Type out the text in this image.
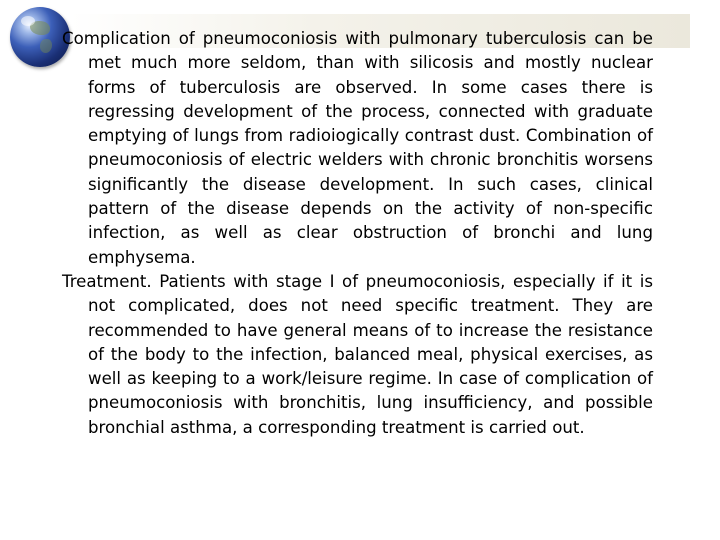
Complication of pneumoconiosis with pulmonary tuberculosis can be met much more seldom, than with silicosis and mostly nuclear forms of tuberculosis are observed. In some cases there is regressing development of the process, connected with graduate emptying of lungs from radioiogically contrast dust. Combination of pneumoconiosis of electric welders with chronic bronchitis worsens significantly the disease development. In such cases, clinical pattern of the disease depends on the activity of non-specific infection, as well as clear obstruction of bronchi and lung emphysema.

Treatment. Patients with stage I of pneumoconiosis, especially if it is not complicated, does not need specific treatment. They are recommended to have general means of to increase the resistance of the body to the infection, balanced meal, physical exercises, as well as keeping to a work/leisure regime. In case of complication of pneumoconiosis with bronchitis, lung insufficiency, and possible bronchial asthma, a corresponding treatment is carried out.
